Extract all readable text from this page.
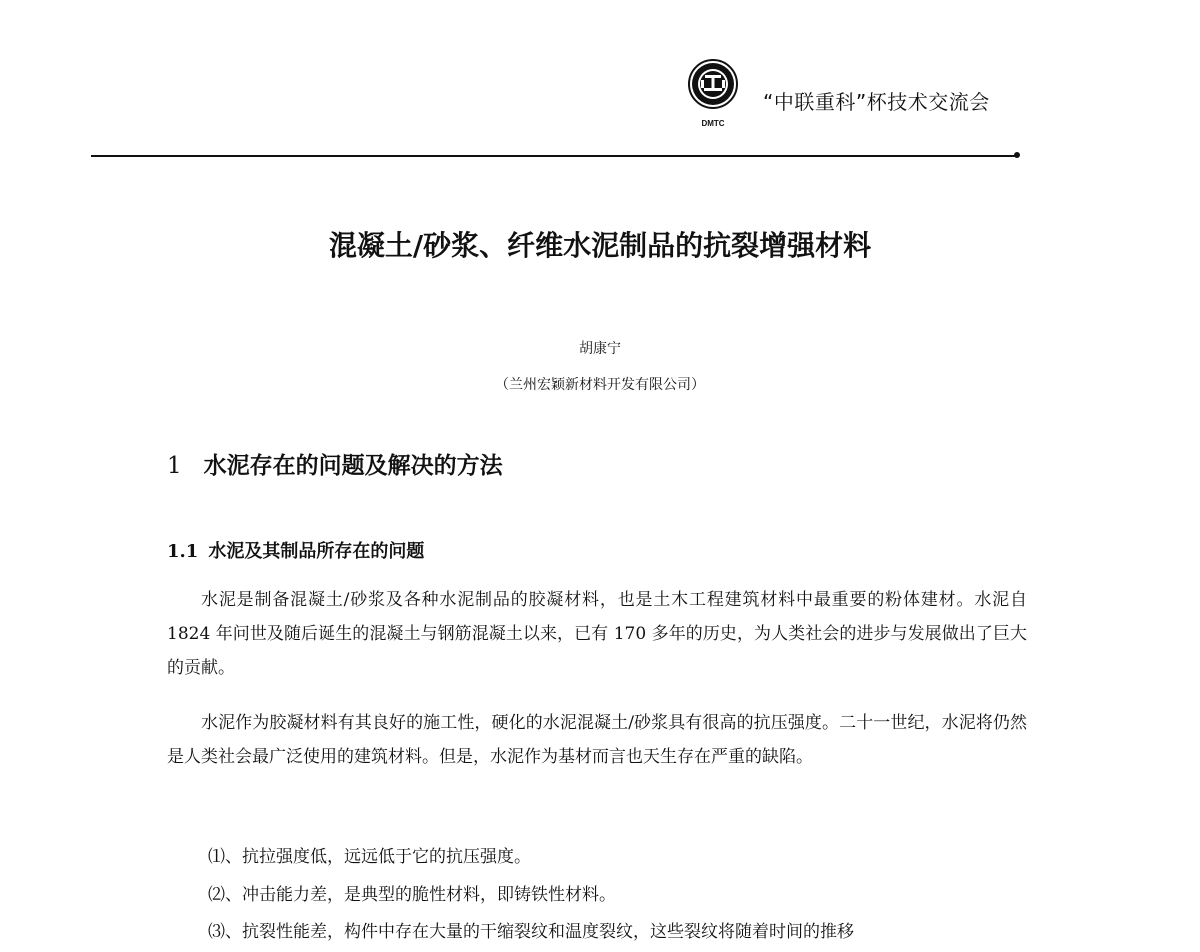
DMTC
“中联重科”杯技术交流会
混凝土/砂浆、纤维水泥制品的抗裂增强材料
胡康宁
（兰州宏颖新材料开发有限公司）
1 水泥存在的问题及解决的方法
1.1 水泥及其制品所存在的问题

水泥是制备混凝土/砂浆及各种水泥制品的胶凝材料，也是土木工程建筑材料中最重要的粉体建材。水泥自 1824 年问世及随后诞生的混凝土与钢筋混凝土以来，已有 170 多年的历史，为人类社会的进步与发展做出了巨大的贡献。

水泥作为胶凝材料有其良好的施工性，硬化的水泥混凝土/砂浆具有很高的抗压强度。二十一世纪，水泥将仍然是人类社会最广泛使用的建筑材料。但是，水泥作为基材而言也天生存在严重的缺陷。

⑴、抗拉强度低，远远低于它的抗压强度。
⑵、冲击能力差，是典型的脆性材料，即铸铁性材料。
⑶、抗裂性能差，构件中存在大量的干缩裂纹和温度裂纹，这些裂纹将随着时间的推移
